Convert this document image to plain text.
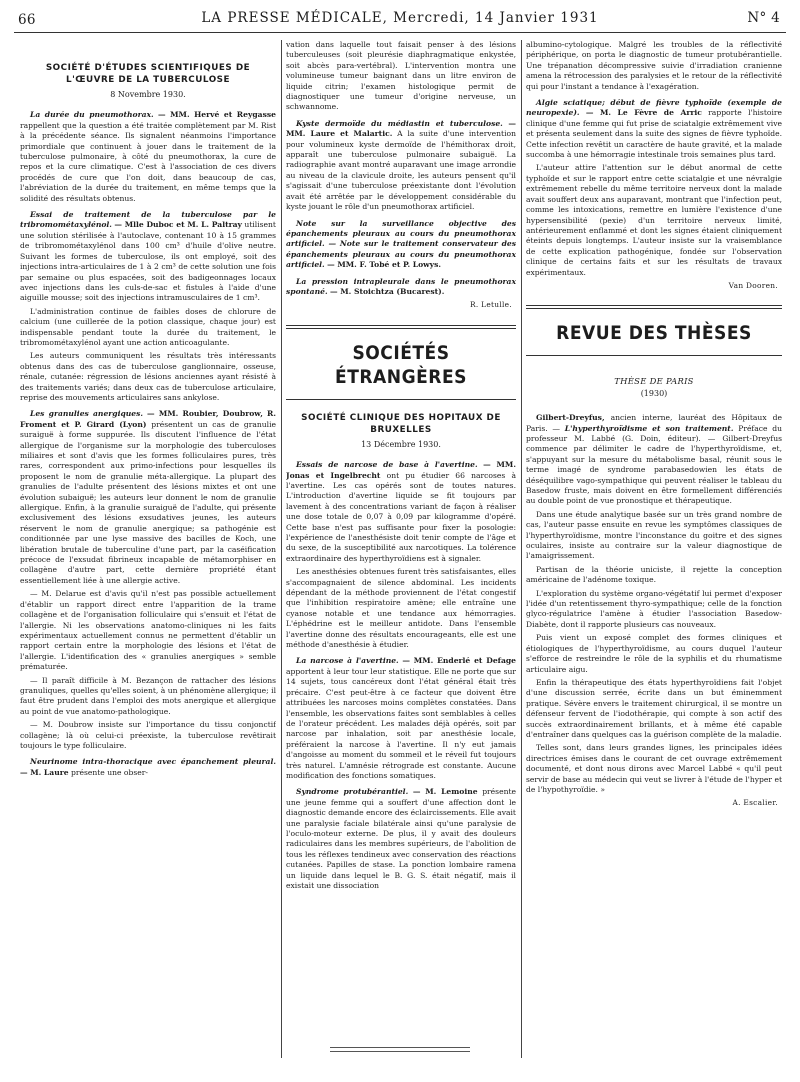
66	LA PRESSE MÉDICALE, Mercredi, 14 Janvier 1931	N° 4
SOCIÉTÉ D'ÉTUDES SCIENTIFIQUES DE L'ŒUVRE DE LA TUBERCULOSE
8 Novembre 1930.

La durée du pneumothorax. — MM. Hervé et Reygasse rappellent que la question a été traitée complètement par M. Rist à la précédente séance. Ils signalent néanmoins l'importance primordiale que continuent à jouer dans le traitement de la tuberculose pulmonaire, à côté du pneumothorax, la cure de repos et la cure climatique. C'est à l'association de ces divers procédés de cure que l'on doit, dans beaucoup de cas, l'abréviation de la durée du traitement, en même temps que la solidité des résultats obtenus.

Essai de traitement de la tuberculose par le tribromométaxylénol. — Mlle Duboc et M. L. Paltray utilisent une solution stérilisée à l'autoclave, contenant 10 à 15 grammes de tribromométaxylénol dans 100 cm³ d'huile d'olive neutre. Suivant les formes de tuberculose, ils ont employé, soit des injections intra-articulaires de 1 à 2 cm³ de cette solution une fois par semaine ou plus espacées, soit des badigeonnages locaux avec injections dans les culs-de-sac et fistules à l'aide d'une aiguille mousse; soit des injections intramusculaires de 1 cm³.

L'administration continue de faibles doses de chlorure de calcium (une cuillerée de la potion classique, chaque jour) est indispensable pendant toute la durée du traitement, le tribromométaxylénol ayant une action anticoagulante.

Les auteurs communiquent les résultats très intéressants obtenus dans des cas de tuberculose ganglionnaire, osseuse, rénale, cutanée: régression de lésions anciennes ayant résisté à des traitements variés; dans deux cas de tuberculose articulaire, reprise des mouvements articulaires sans ankylose.

Les granulies anergiques. — MM. Roubier, Doubrow, R. Froment et P. Girard (Lyon) présentent un cas de granulie suraiguë à forme suppurée. Ils discutent l'influence de l'état allergique de l'organisme sur la morphologie des tuberculoses miliaires et sont d'avis que les formes folliculaires pures, très rares, correspondent aux primo-infections pour lesquelles ils proposent le nom de granulie méta-allergique. La plupart des granulies de l'adulte présentent des lésions mixtes et ont une évolution subaiguë; les auteurs leur donnent le nom de granulie allergique. Enfin, à la granulie suraiguë de l'adulte, qui présente exclusivement des lésions exsudatives jeunes, les auteurs réservent le nom de granulie anergique; sa pathogénie est conditionnée par une lyse massive des bacilles de Koch, une libération brutale de tuberculine d'une part, par la caséification précoce de l'exsudat fibrineux incapable de métamorphiser en collagène d'autre part, cette dernière propriété étant essentiellement liée à une allergie active.

— M. Delarue est d'avis qu'il n'est pas possible actuellement d'établir un rapport direct entre l'apparition de la trame collagène et de l'organisation folliculaire qui s'ensuit et l'état de l'allergie. Ni les observations anatomo-cliniques ni les faits expérimentaux actuellement connus ne permettent d'établir un rapport certain entre la morphologie des lésions et l'état de l'allergie. L'identification des « granulies anergiques » semble prématurée.

— Il paraît difficile à M. Bezançon de rattacher des lésions granuliques, quelles qu'elles soient, à un phénomène allergique; il faut être prudent dans l'emploi des mots anergique et allergique au point de vue anatomo-pathologique.

— M. Doubrow insiste sur l'importance du tissu conjonctif collagène; là où celui-ci préexiste, la tuberculose revêtirait toujours le type folliculaire.

Neurinome intra-thoracique avec épanchement pleural. — M. Laure présente une obser-

vation dans laquelle tout faisait penser à des lésions tuberculeuses (soit pleurésie diaphragmatique enkystée, soit abcès para-vertébral). L'intervention montra une volumineuse tumeur baignant dans un litre environ de liquide citrin; l'examen histologique permit de diagnostiquer une tumeur d'origine nerveuse, un schwannome.

Kyste dermoïde du médiastin et tuberculose. — MM. Laure et Malartic. A la suite d'une intervention pour volumineux kyste dermoïde de l'hémithorax droit, apparaît une tuberculose pulmonaire subaiguë. La radiographie avant montré auparavant une image arrondie au niveau de la clavicule droite, les auteurs pensent qu'il s'agissait d'une tuberculose préexistante dont l'évolution avait été arrêtée par le développement considérable du kyste jouant le rôle d'un pneumothorax artificiel.

Note sur la surveillance objective des épanchements pleuraux au cours du pneumothorax artificiel. — Note sur le traitement conservateur des épanchements pleuraux au cours du pneumothorax artificiel. — MM. F. Tobé et P. Lowys.

La pression intrapleurale dans le pneumothorax spontané. — M. Stoichtza (Bucarest).

R. Letulle.
SOCIÉTÉS ÉTRANGÈRES
SOCIÉTÉ CLINIQUE DES HOPITAUX DE BRUXELLES
13 Décembre 1930.

Essais de narcose de base à l'avertine. — MM. Jonas et Ingelbrecht ont pu étudier 66 narcoses à l'avertine. Les cas opérés sont de toutes natures. L'introduction d'avertine liquide se fit toujours par lavement à des concentrations variant de façon à réaliser une dose totale de 0,07 à 0,09 par kilogramme d'opéré. Cette base n'est pas suffisante pour fixer la posologie: l'expérience de l'anesthésiste doit tenir compte de l'âge et du sexe, de la susceptibilité aux narcotiques. La tolérence extraordinaire des hyperthyroïdiens est à signaler.

Les anesthésies obtenues furent très satisfaisantes, elles s'accompagnaient de silence abdominal. Les incidents dépendant de la méthode proviennent de l'état congestif que l'inhibition respiratoire amène; elle entraîne une cyanose notable et une tendance aux hémorragies. L'éphédrine est le meilleur antidote. Dans l'ensemble l'avertine donne des résultats encourageants, elle est une méthode d'anesthésie à étudier.

La narcose à l'avertine. — MM. Enderlé et Defage apportent à leur tour leur statistique. Elle ne porte que sur 14 sujets, tous cancéreux dont l'état général était très précaire. C'est peut-être à ce facteur que doivent être attribuées les narcoses moins complètes constatées. Dans l'ensemble, les observations faites sont semblables à celles de l'orateur précédent. Les malades déjà opérés, soit par narcose par inhalation, soit par anesthésie locale, préféraient la narcose à l'avertine. Il n'y eut jamais d'angoisse au moment du sommeil et le réveil fut toujours très naturel. L'amnésie rétrograde est constante. Aucune modification des fonctions somatiques.

Syndrome protubérantiel. — M. Lemoine présente une jeune femme qui a souffert d'une affection dont le diagnostic demande encore des éclaircissements. Elle avait une paralysie faciale bilatérale ainsi qu'une paralysie de l'oculo-moteur externe. De plus, il y avait des douleurs radiculaires dans les membres supérieurs, de l'abolition de tous les réflexes tendineux avec conservation des réactions cutanées. Papilles de stase. La ponction lombaire ramena un liquide dans lequel le B. G. S. était négatif, mais il existait une dissociation

albumino-cytologique. Malgré les troubles de la réflectivité périphérique, on porta le diagnostic de tumeur protubérantielle. Une trépanation décompressive suivie d'irradiation cranienne amena la rétrocession des paralysies et le retour de la réflectivité qui pour l'instant a tendance à l'exagération.

Algie sciatique; début de fièvre typhoïde (exemple de neuropexie). — M. Le Fèvre de Arric rapporte l'histoire clinique d'une femme qui fut prise de sciatalgie extrêmement vive et présenta seulement dans la suite des signes de fièvre typhoïde. Cette infection revêtit un caractère de haute gravité, et la malade succomba à une hémorragie intestinale trois semaines plus tard.

L'auteur attire l'attention sur le début anormal de cette typhoïde et sur le rapport entre cette sciatalgie et une névralgie extrêmement rebelle du même territoire nerveux dont la malade avait souffert deux ans auparavant, montrant que l'infection peut, comme les intoxications, remettre en lumière l'existence d'une hypersensibilité (pexie) d'un territoire nerveux limité, antérieurement enflammé et dont les signes étaient cliniquement éteints depuis longtemps. L'auteur insiste sur la vraisemblance de cette explication pathogénique, fondée sur l'observation clinique de certains faits et sur les résultats de travaux expérimentaux.

Van Dooren.
REVUE DES THÈSES
THÈSE DE PARIS
(1930)

Gilbert-Dreyfus, ancien interne, lauréat des Hôpitaux de Paris. — L'hyperthyroïdisme et son traitement. Préface du professeur M. Labbé (G. Doin, éditeur). — Gilbert-Dreyfus commence par délimiter le cadre de l'hyperthyroïdisme, et, s'appuyant sur la mesure du métabolisme basal, réunit sous le terme imagé de syndrome parabasedowien les états de déséquilibre vago-sympathique qui peuvent réaliser le tableau du Basedow fruste, mais doivent en être formellement différenciés au double point de vue pronostique et thérapeutique.

Dans une étude analytique basée sur un très grand nombre de cas, l'auteur passe ensuite en revue les symptômes classiques de l'hyperthyroïdisme, montre l'inconstance du goitre et des signes oculaires, insiste au contraire sur la valeur diagnostique de l'amaigrissement.

Partisan de la théorie uniciste, il rejette la conception américaine de l'adénome toxique.

L'exploration du système organo-végétatif lui permet d'exposer l'idée d'un retentissement thyro-sympathique; celle de la fonction glyco-régulatrice l'amène à étudier l'association Basedow-Diabète, dont il rapporte plusieurs cas nouveaux.

Puis vient un exposé complet des formes cliniques et étiologiques de l'hyperthyroïdisme, au cours duquel l'auteur s'efforce de restreindre le rôle de la syphilis et du rhumatisme articulaire aigu.

Enfin la thérapeutique des états hyperthyroïdiens fait l'objet d'une discussion serrée, écrite dans un but éminemment pratique. Sévère envers le traitement chirurgical, il se montre un défenseur fervent de l'iodothérapie, qui compte à son actif des succès extraordinairement brillants, et à même été capable d'entraîner dans quelques cas la guérison complète de la maladie.

Telles sont, dans leurs grandes lignes, les principales idées directrices émises dans le courant de cet ouvrage extrêmement documenté, et dont nous dirons avec Marcel Labbé « qu'il peut servir de base au médecin qui veut se livrer à l'étude de l'hyper et de l'hypothyroïdie. »

A. Escalier.
